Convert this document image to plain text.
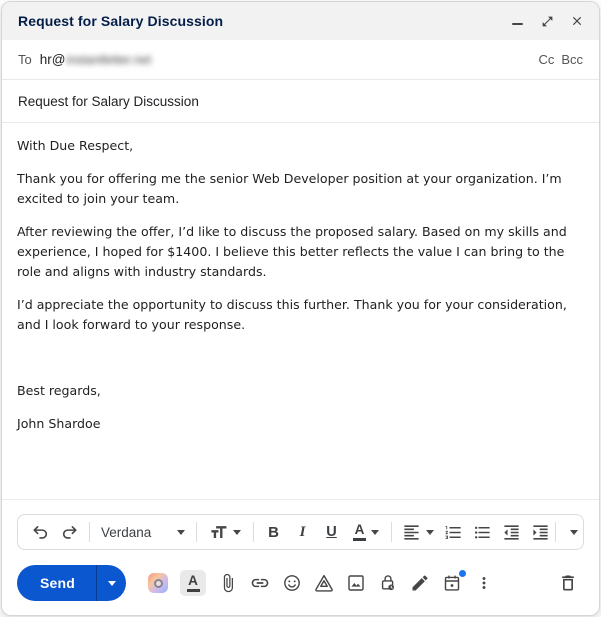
Request for Salary Discussion
To hr@ instantletter.net	Cc Bcc
Request for Salary Discussion
With Due Respect,
Thank you for offering me the senior Web Developer position at your organization. I’m excited to join your team.
After reviewing the offer, I’d like to discuss the proposed salary. Based on my skills and experience, I hoped for $1400. I believe this better reflects the value I can bring to the role and aligns with industry standards.
I’d appreciate the opportunity to discuss this further. Thank you for your consideration, and I look forward to your response.
Best regards,
John Shardoe
Verdana	B I U A
Send	A
